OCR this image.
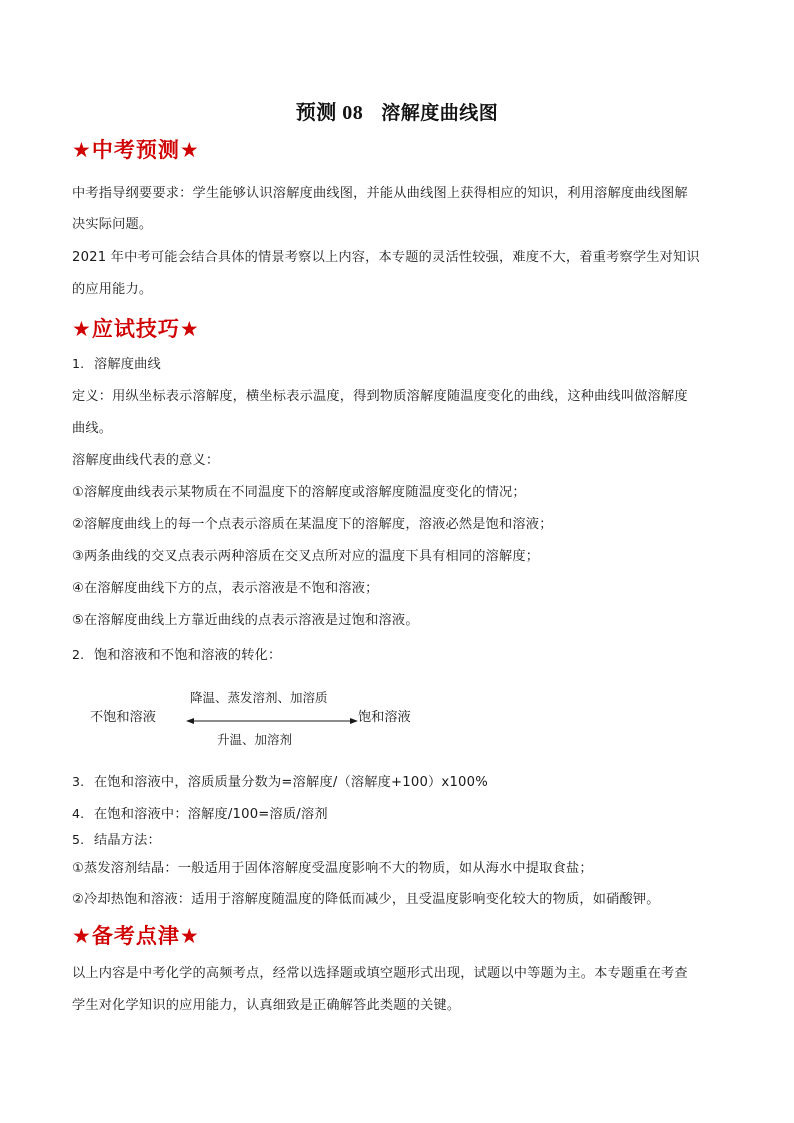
预测 08 溶解度曲线图
★中考预测★
中考指导纲要要求：学生能够认识溶解度曲线图，并能从曲线图上获得相应的知识，利用溶解度曲线图解
决实际问题。
2021 年中考可能会结合具体的情景考察以上内容，本专题的灵活性较强，难度不大，着重考察学生对知识
的应用能力。
★应试技巧★
1. 溶解度曲线
定义：用纵坐标表示溶解度，横坐标表示温度，得到物质溶解度随温度变化的曲线，这种曲线叫做溶解度
曲线。
溶解度曲线代表的意义：
①溶解度曲线表示某物质在不同温度下的溶解度或溶解度随温度变化的情况；
②溶解度曲线上的每一个点表示溶质在某温度下的溶解度，溶液必然是饱和溶液；
③两条曲线的交叉点表示两种溶质在交叉点所对应的温度下具有相同的溶解度；
④在溶解度曲线下方的点，表示溶液是不饱和溶液；
⑤在溶解度曲线上方靠近曲线的点表示溶液是过饱和溶液。
2. 饱和溶液和不饱和溶液的转化：
不饱和溶液
降温、蒸发溶剂、加溶质
饱和溶液
升温、加溶剂
3. 在饱和溶液中，溶质质量分数为=溶解度/（溶解度+100）x100%
4. 在饱和溶液中：溶解度/100=溶质/溶剂
5. 结晶方法：
①蒸发溶剂结晶：一般适用于固体溶解度受温度影响不大的物质，如从海水中提取食盐；
②冷却热饱和溶液：适用于溶解度随温度的降低而减少，且受温度影响变化较大的物质，如硝酸钾。
★备考点津★
以上内容是中考化学的高频考点，经常以选择题或填空题形式出现，试题以中等题为主。本专题重在考查
学生对化学知识的应用能力，认真细致是正确解答此类题的关键。
